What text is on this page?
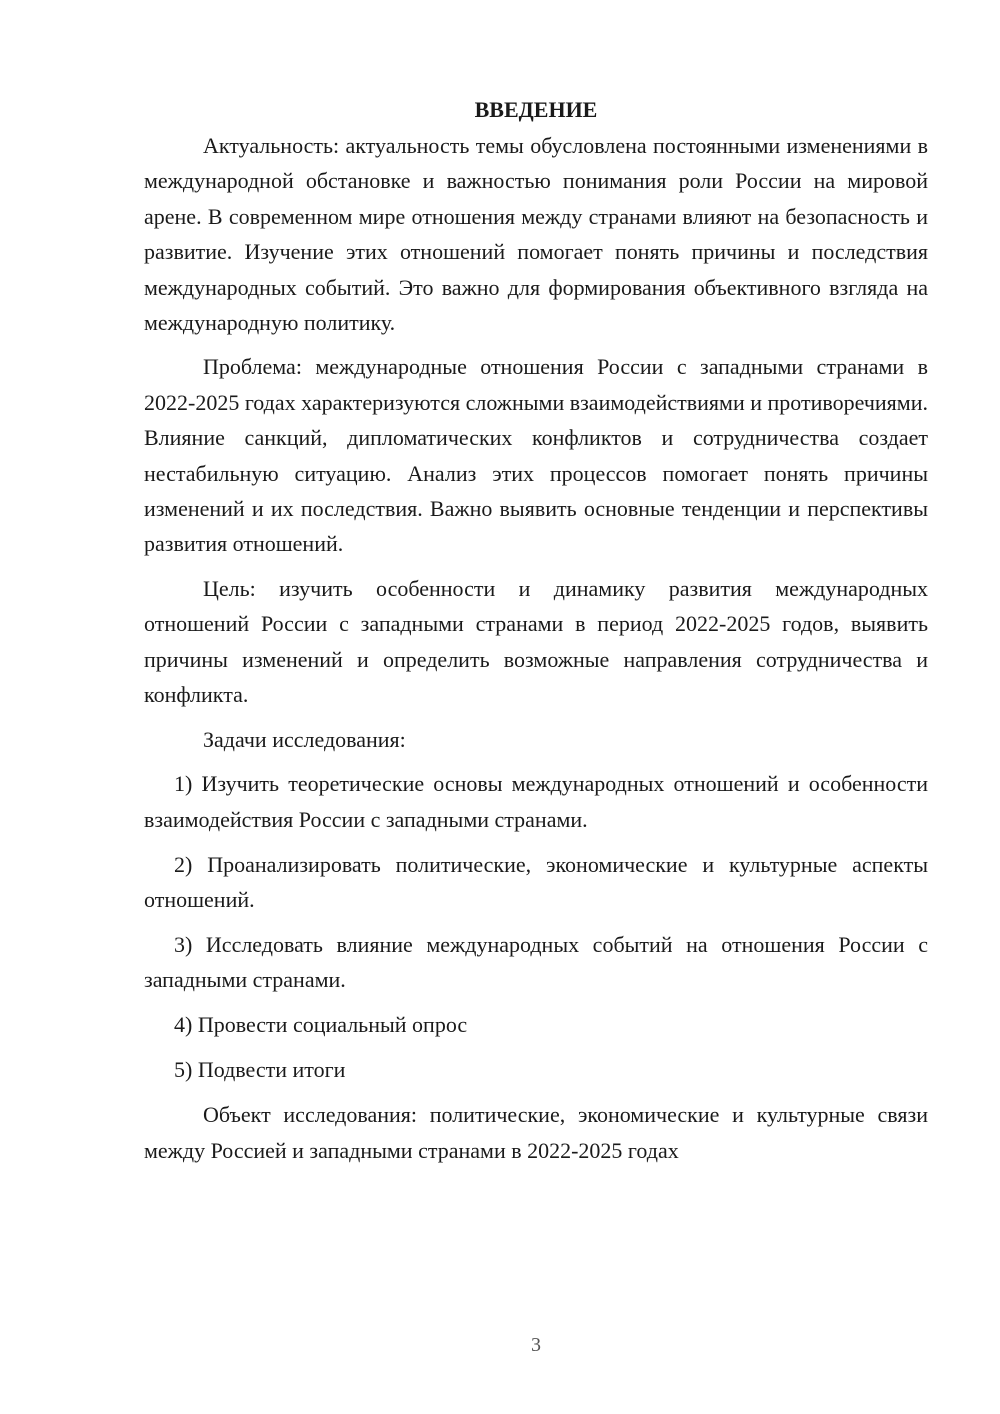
ВВЕДЕНИЕ

Актуальность: актуальность темы обусловлена постоянными изменениями в международной обстановке и важностью понимания роли России на мировой арене. В современном мире отношения между странами влияют на безопасность и развитие. Изучение этих отношений помогает понять причины и последствия международных событий. Это важно для формирования объективного взгляда на международную политику.

Проблема: международные отношения России с западными странами в 2022-2025 годах характеризуются сложными взаимодействиями и противоречиями. Влияние санкций, дипломатических конфликтов и сотрудничества создает нестабильную ситуацию. Анализ этих процессов помогает понять причины изменений и их последствия. Важно выявить основные тенденции и перспективы развития отношений.

Цель: изучить особенности и динамику развития международных отношений России с западными странами в период 2022-2025 годов, выявить причины изменений и определить возможные направления сотрудничества и конфликта.

Задачи исследования:

1) Изучить теоретические основы международных отношений и особенности взаимодействия России с западными странами.

2) Проанализировать политические, экономические и культурные аспекты отношений.

3) Исследовать влияние международных событий на отношения России с западными странами.

4) Провести социальный опрос

5) Подвести итоги

Объект исследования: политические, экономические и культурные связи между Россией и западными странами в 2022-2025 годах

3
